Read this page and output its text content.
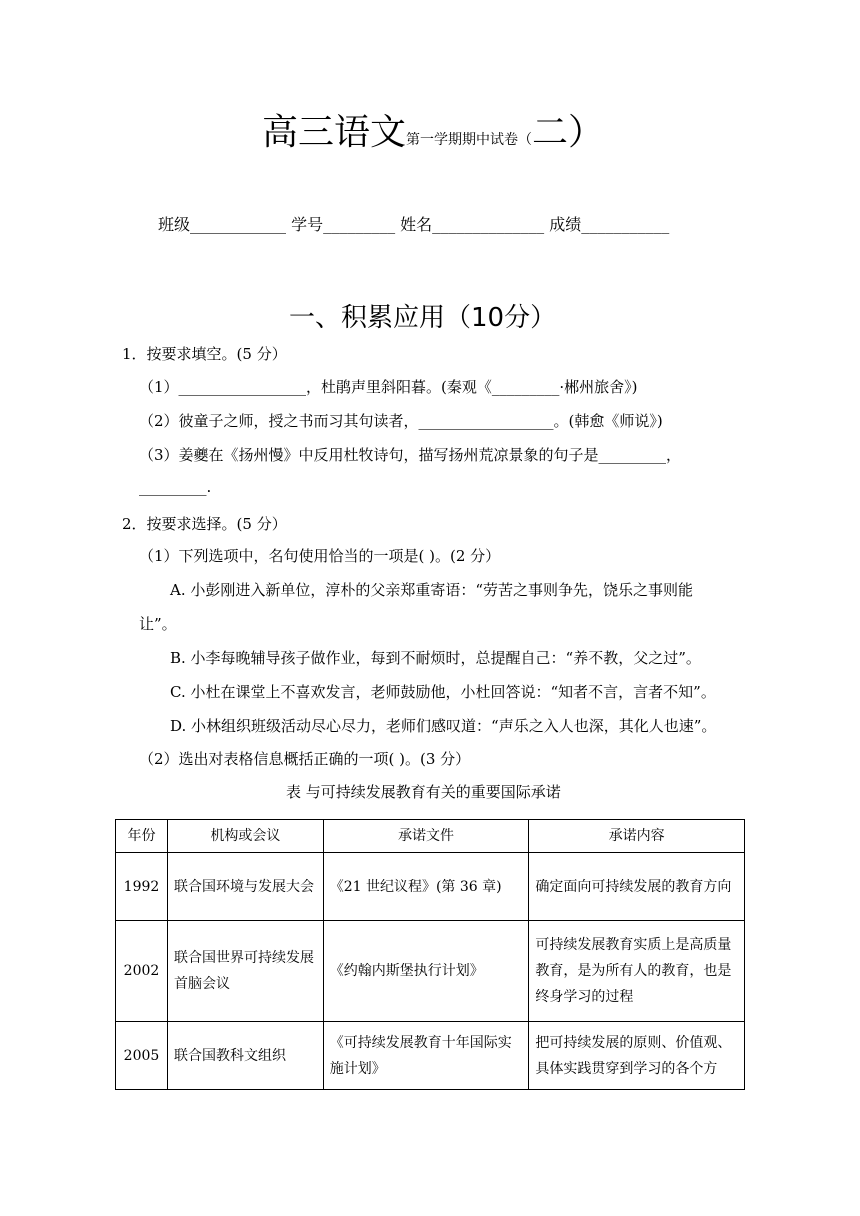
高三语文第一学期期中试卷（二）
班级____________ 学号_________ 姓名______________ 成绩___________
一、积累应用（10分）
1．按要求填空。(5 分）
（1）_________________，杜鹃声里斜阳暮。(秦观《_________·郴州旅舍》)
（2）彼童子之师，授之书而习其句读者，__________________。(韩愈《师说》)
（3）姜夔在《扬州慢》中反用杜牧诗句，描写扬州荒凉景象的句子是_________，
_________.
2．按要求选择。(5 分）
（1）下列选项中，名句使用恰当的一项是( )。(2 分）
A. 小彭刚进入新单位，淳朴的父亲郑重寄语：“劳苦之事则争先，饶乐之事则能
让”。
B. 小李每晚辅导孩子做作业，每到不耐烦时，总提醒自己：“养不教，父之过”。
C. 小杜在课堂上不喜欢发言，老师鼓励他，小杜回答说：“知者不言，言者不知”。
D. 小林组织班级活动尽心尽力，老师们感叹道：“声乐之入人也深，其化人也速”。
（2）选出对表格信息概括正确的一项( )。(3 分）
表 与可持续发展教育有关的重要国际承诺
年份	机构或会议	承诺文件	承诺内容
1992	联合国环境与发展大会	《21 世纪议程》(第 36 章)	确定面向可持续发展的教育方向
2002	联合国世界可持续发展首脑会议	《约翰内斯堡执行计划》	可持续发展教育实质上是高质量教育，是为所有人的教育，也是终身学习的过程
2005	联合国教科文组织	《可持续发展教育十年国际实施计划》	把可持续发展的原则、价值观、具体实践贯穿到学习的各个方
